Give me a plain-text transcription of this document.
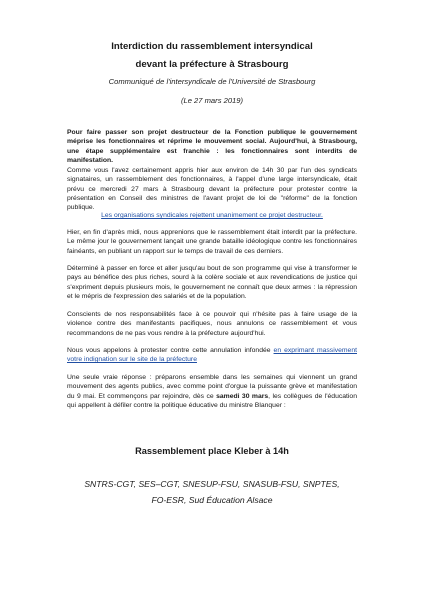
Interdiction du rassemblement intersyndical
devant la préfecture à Strasbourg
Communiqué de l'intersyndicale de l'Université de Strasbourg
(Le 27 mars 2019)

Pour faire passer son projet destructeur de la Fonction publique le gouvernement méprise les fonctionnaires et réprime le mouvement social. Aujourd'hui, à Strasbourg, une étape supplémentaire est franchie : les fonctionnaires sont interdits de manifestation.

Comme vous l'avez certainement appris hier aux environ de 14h 30 par l'un des syndicats signataires, un rassemblement des fonctionnaires, à l'appel d'une large intersyndicale, était prévu ce mercredi 27 mars à Strasbourg devant la préfecture pour protester contre la présentation en Conseil des ministres de l'avant projet de loi de "réforme" de la fonction publique.

Les organisations syndicales rejettent unanimement ce projet destructeur.

Hier, en fin d'après midi, nous apprenions que le rassemblement était interdit par la préfecture. Le même jour le gouvernement lançait une grande bataille idéologique contre les fonctionnaires fainéants, en publiant un rapport sur le temps de travail de ces derniers.

Déterminé à passer en force et aller jusqu'au bout de son programme qui vise à transformer le pays au bénéfice des plus riches, sourd à la colère sociale et aux revendications de justice qui s'expriment depuis plusieurs mois, le gouvernement ne connaît que deux armes : la répression et le mépris de l'expression des salariés et de la population.

Conscients de nos responsabilités face à ce pouvoir qui n'hésite pas à faire usage de la violence contre des manifestants pacifiques, nous annulons ce rassemblement et vous recommandons de ne pas vous rendre à la préfecture aujourd'hui.

Nous vous appelons à protester contre cette annulation infondée en exprimant massivement votre indignation sur le site de la préfecture

Une seule vraie réponse : préparons ensemble dans les semaines qui viennent un grand mouvement des agents publics, avec comme point d'orgue la puissante grève et manifestation du 9 mai. Et commençons par rejoindre, dès ce samedi 30 mars, les collègues de l'éducation qui appellent à défiler contre la politique éducative du ministre Blanquer :

Rassemblement place Kleber à 14h
SNTRS-CGT, SES–CGT, SNESUP-FSU, SNASUB-FSU, SNPTES,
FO-ESR, Sud Éducation Alsace
